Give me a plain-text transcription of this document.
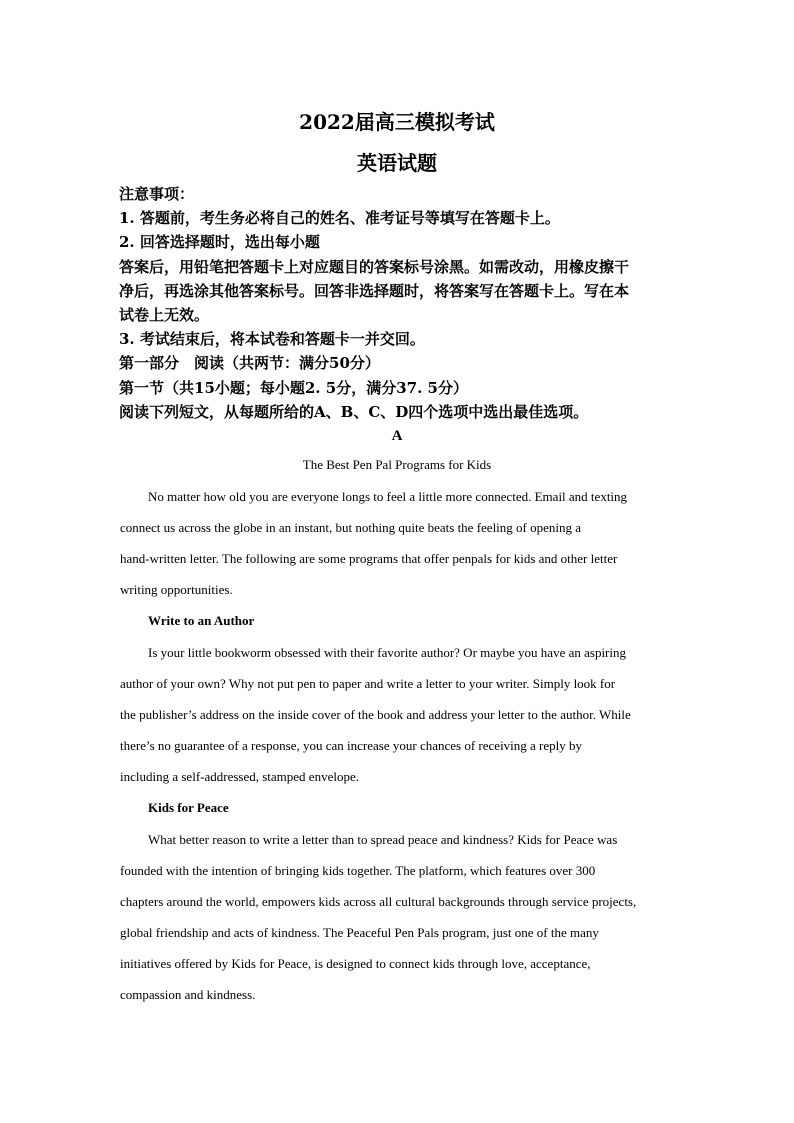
2022届高三模拟考试
英语试题
注意事项：
1. 答题前，考生务必将自己的姓名、准考证号等填写在答题卡上。
2. 回答选择题时，选出每小题
答案后，用铅笔把答题卡上对应题目的答案标号涂黑。如需改动，用橡皮擦干
净后，再选涂其他答案标号。回答非选择题时，将答案写在答题卡上。写在本
试卷上无效。
3. 考试结束后，将本试卷和答题卡一并交回。
第一部分　阅读（共两节：满分50分）
第一节（共15小题；每小题2. 5分，满分37. 5分）
阅读下列短文，从每题所给的A、B、C、D四个选项中选出最佳选项。
A
The Best Pen Pal Programs for Kids
No matter how old you are everyone longs to feel a little more connected. Email and texting
connect us across the globe in an instant, but nothing quite beats the feeling of opening a
hand-written letter. The following are some programs that offer penpals for kids and other letter
writing opportunities.
Write to an Author
Is your little bookworm obsessed with their favorite author? Or maybe you have an aspiring
author of your own? Why not put pen to paper and write a letter to your writer. Simply look for
the publisher’s address on the inside cover of the book and address your letter to the author. While
there’s no guarantee of a response, you can increase your chances of receiving a reply by
including a self-addressed, stamped envelope.
Kids for Peace
What better reason to write a letter than to spread peace and kindness? Kids for Peace was
founded with the intention of bringing kids together. The platform, which features over 300
chapters around the world, empowers kids across all cultural backgrounds through service projects,
global friendship and acts of kindness. The Peaceful Pen Pals program, just one of the many
initiatives offered by Kids for Peace, is designed to connect kids through love, acceptance,
compassion and kindness.
